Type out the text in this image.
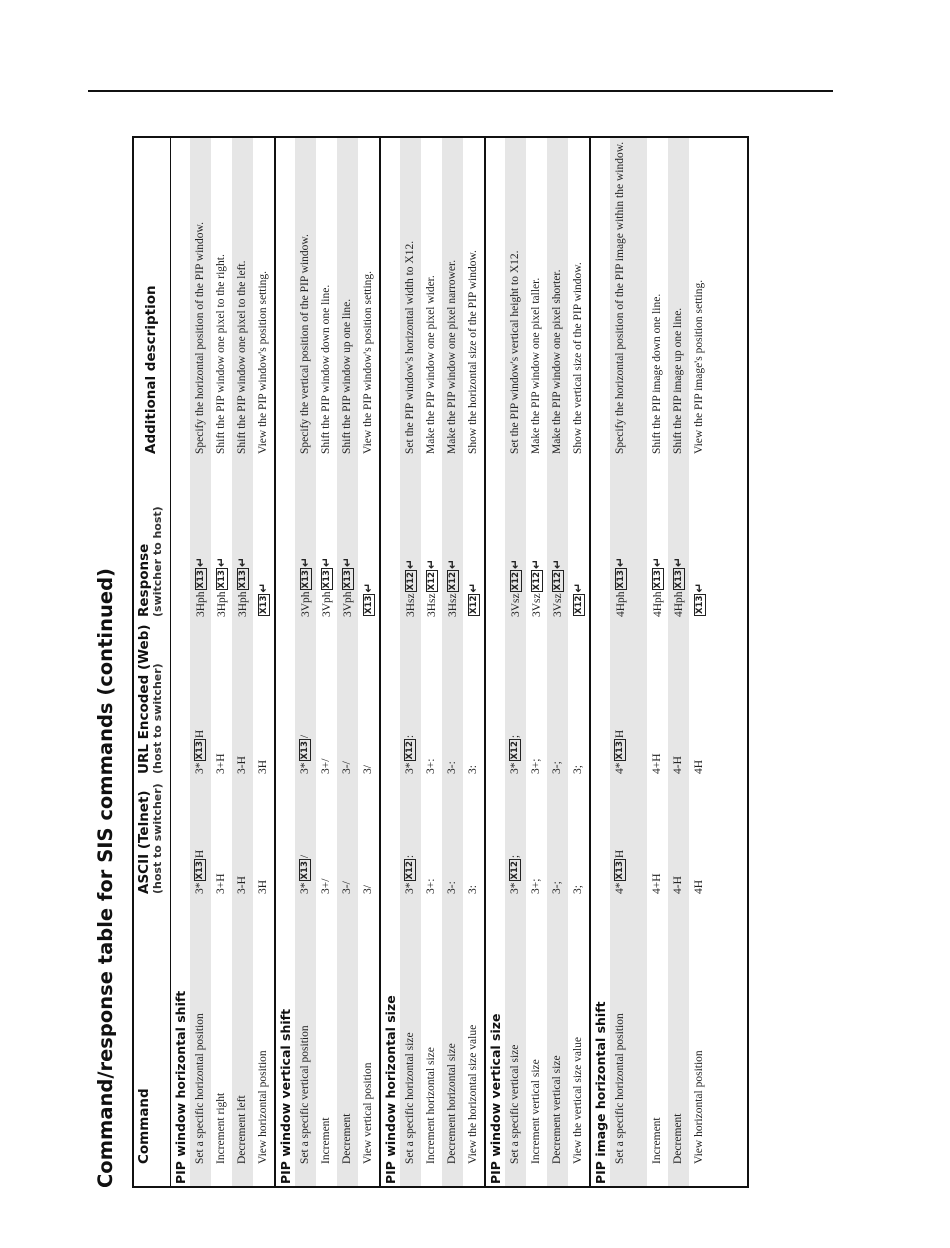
Command/response table for SIS commands (continued)	Command
ASCII (Telnet) (host to switcher)
URL Encoded (Web) (host to switcher)
Response (switcher to host)
Additional description
PIP window horizontal shift Set a specific horizontal position
3*X13H
3*X13H
3HphX13↵
Specify the horizontal position of the PIP window.
Increment right
3+H
3+H
3HphX13↵
Shift the PIP window one pixel to the right.
Decrement left
3-H
3-H
3HphX13↵
Shift the PIP window one pixel to the left.
View horizontal position
3H
3H
X13↵
View the PIP window's position setting.
PIP window vertical shift Set a specific vertical position
3*X13/
3*X13/
3VphX13↵
Specify the vertical position of the PIP window.
Increment
3+/
3+/
3VphX13↵
Shift the PIP window down one line.
Decrement
3-/
3-/
3VphX13↵
Shift the PIP window up one line.
View vertical position
3/
3/
X13↵
View the PIP window's position setting.
PIP window horizontal size Set a specific horizontal size
3*X12:
3*X12:
3HszX12↵
Set the PIP window's horizontal width to X12.
Increment horizontal size
3+:
3+:
3HszX12↵
Make the PIP window one pixel wider.
Decrement horizontal size
3-:
3-:
3HszX12↵
Make the PIP window one pixel narrower.
View the horizontal size value
3:
3:
X12↵
Show the horizontal size of the PIP window.
PIP window vertical size Set a specific vertical size
3*X12;
3*X12;
3VszX12↵
Set the PIP window's vertical height to X12.
Increment vertical size
3+;
3+;
3VszX12↵
Make the PIP window one pixel taller.
Decrement vertical size
3-;
3-;
3VszX12↵
Make the PIP window one pixel shorter.
View the vertical size value
3;
3;
X12↵
Show the vertical size of the PIP window.
PIP image horizontal shift Set a specific horizontal position
4*X13H
4*X13H
4HphX13↵
Specify the horizontal position of the PIP image within the window.
Increment
4+H
4+H
4HphX13↵
Shift the PIP image down one line.
Decrement
4-H
4-H
4HphX13↵
Shift the PIP image up one line.
View horizontal position
4H
4H
X13↵
View the PIP image's position setting.
